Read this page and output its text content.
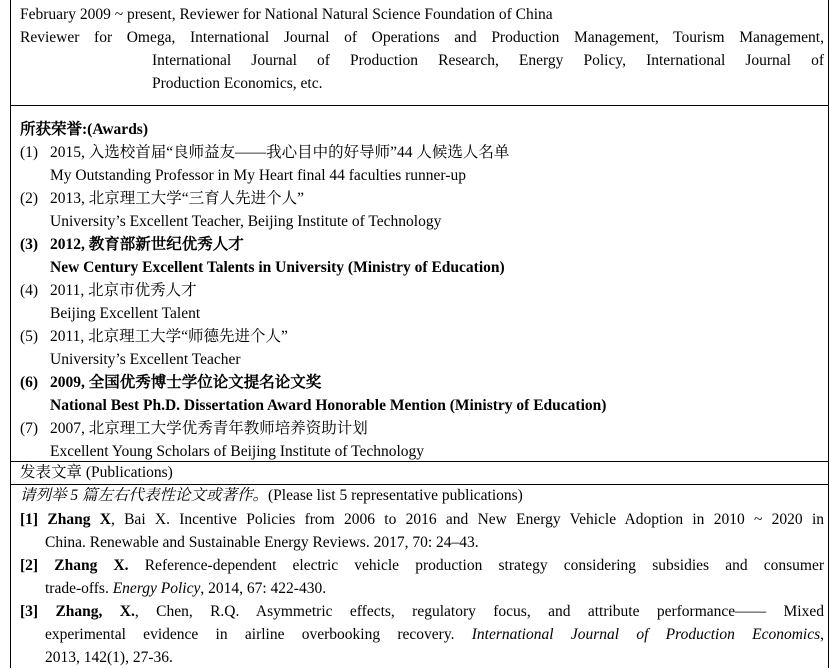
February 2009 ~ present, Reviewer for National Natural Science Foundation of China
Reviewer for Omega, International Journal of Operations and Production Management, Tourism Management,
International Journal of Production Research, Energy Policy, International Journal of
Production Economics, etc.
所获荣誉:(Awards)
(1) 2015, 入选校首届“良师益友——我心目中的好导师”44 人候选人名单
My Outstanding Professor in My Heart final 44 faculties runner-up
(2) 2013, 北京理工大学“三育人先进个人”
University’s Excellent Teacher, Beijing Institute of Technology
(3) 2012, 教育部新世纪优秀人才
New Century Excellent Talents in University (Ministry of Education)
(4) 2011, 北京市优秀人才
Beijing Excellent Talent
(5) 2011, 北京理工大学“师德先进个人”
University’s Excellent Teacher
(6) 2009, 全国优秀博士学位论文提名论文奖
National Best Ph.D. Dissertation Award Honorable Mention (Ministry of Education)
(7) 2007, 北京理工大学优秀青年教师培养资助计划
Excellent Young Scholars of Beijing Institute of Technology
发表文章 (Publications)
请列举 5 篇左右代表性论文或著作。(Please list 5 representative publications)
[1] Zhang X, Bai X. Incentive Policies from 2006 to 2016 and New Energy Vehicle Adoption in 2010 ~ 2020 in
China. Renewable and Sustainable Energy Reviews. 2017, 70: 24–43.
[2] Zhang X. Reference-dependent electric vehicle production strategy considering subsidies and consumer
trade-offs. Energy Policy, 2014, 67: 422-430.
[3] Zhang, X., Chen, R.Q. Asymmetric effects, regulatory focus, and attribute performance—— Mixed
experimental evidence in airline overbooking recovery. International Journal of Production Economics,
2013, 142(1), 27-36.
